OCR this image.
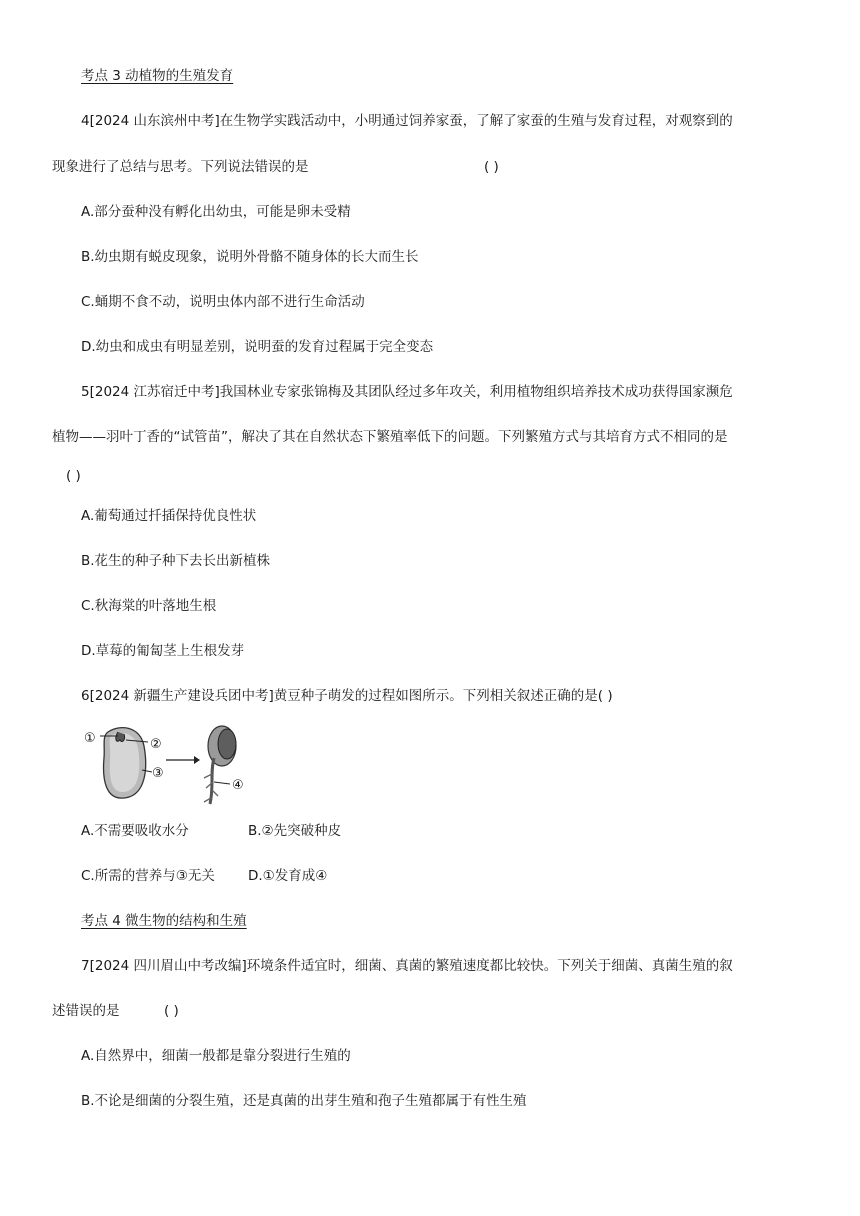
考点 3 动植物的生殖发育
4[2024 山东滨州中考]在生物学实践活动中，小明通过饲养家蚕，了解了家蚕的生殖与发育过程，对观察到的
现象进行了总结与思考。下列说法错误的是	( )
A.部分蚕种没有孵化出幼虫，可能是卵未受精
B.幼虫期有蜕皮现象，说明外骨骼不随身体的长大而生长
C.蛹期不食不动，说明虫体内部不进行生命活动
D.幼虫和成虫有明显差别，说明蚕的发育过程属于完全变态
5[2024 江苏宿迁中考]我国林业专家张锦梅及其团队经过多年攻关，利用植物组织培养技术成功获得国家濒危
植物——羽叶丁香的“试管苗”，解决了其在自然状态下繁殖率低下的问题。下列繁殖方式与其培育方式不相同的是
( )
A.葡萄通过扦插保持优良性状
B.花生的种子种下去长出新植株
C.秋海棠的叶落地生根
D.草莓的匍匐茎上生根发芽
6[2024 新疆生产建设兵团中考]黄豆种子萌发的过程如图所示。下列相关叙述正确的是( )
①	②
③
④
A.不需要吸收水分	B.②先突破种皮
C.所需的营养与③无关 D.①发育成④
考点 4 微生物的结构和生殖
7[2024 四川眉山中考改编]环境条件适宜时，细菌、真菌的繁殖速度都比较快。下列关于细菌、真菌生殖的叙
述错误的是	( )
A.自然界中，细菌一般都是靠分裂进行生殖的
B.不论是细菌的分裂生殖，还是真菌的出芽生殖和孢子生殖都属于有性生殖
